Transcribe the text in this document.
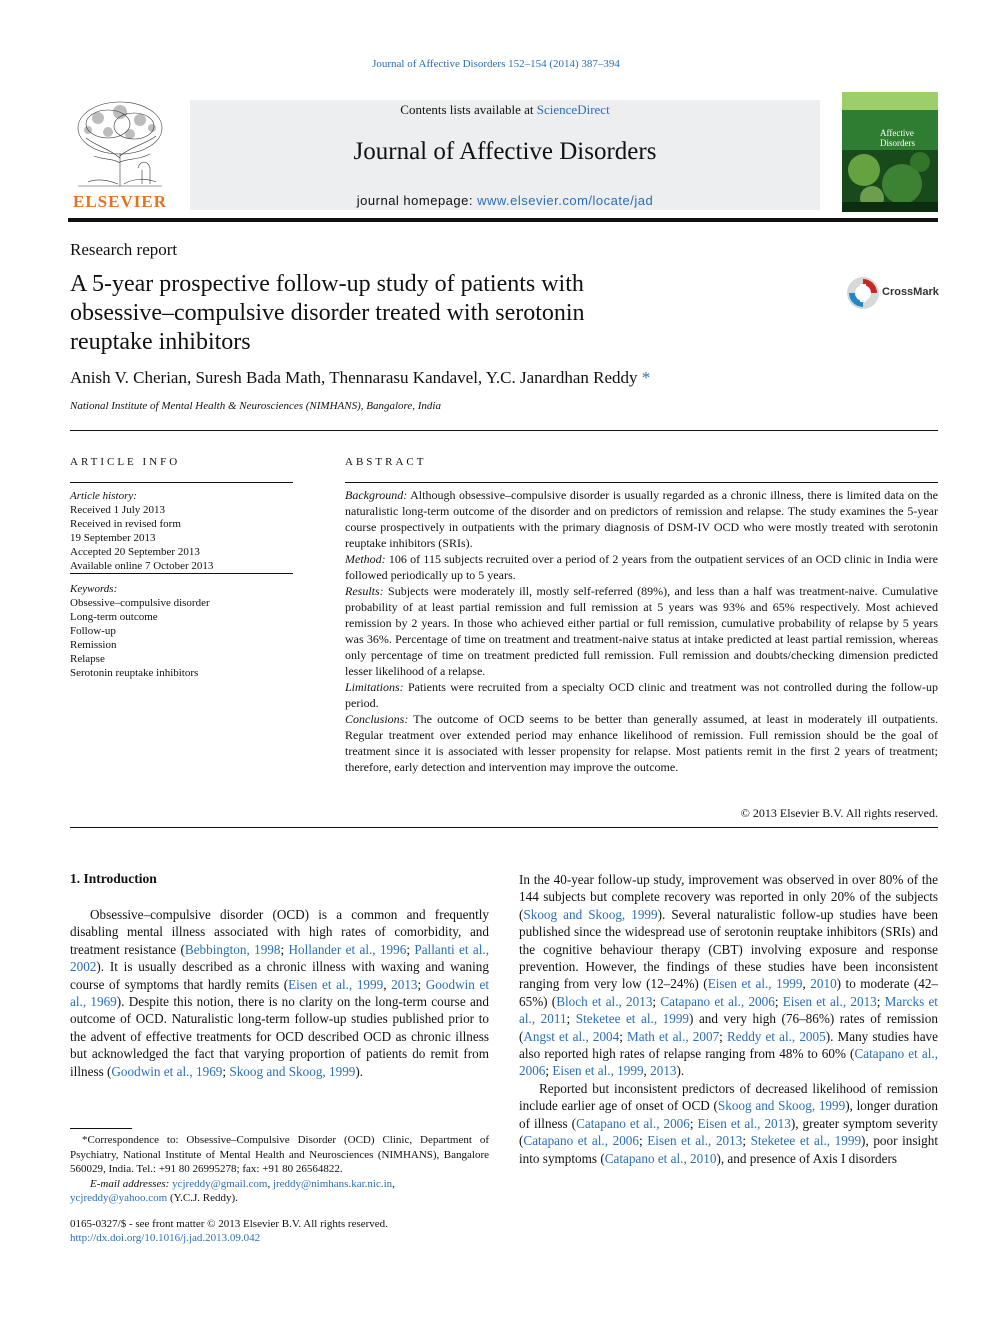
Journal of Affective Disorders 152–154 (2014) 387–394
ELSEVIER
Contents lists available at ScienceDirect
Journal of Affective Disorders
journal homepage: www.elsevier.com/locate/jad
Affective Disorders
Research report
A 5-year prospective follow-up study of patients with
obsessive–compulsive disorder treated with serotonin
reuptake inhibitors
CrossMark
Anish V. Cherian, Suresh Bada Math, Thennarasu Kandavel, Y.C. Janardhan Reddy *
National Institute of Mental Health & Neurosciences (NIMHANS), Bangalore, India
ARTICLE INFO	ABSTRACT
Article history:
Received 1 July 2013
Received in revised form
19 September 2013
Accepted 20 September 2013
Available online 7 October 2013
Keywords:
Obsessive–compulsive disorder
Long-term outcome
Follow-up
Remission
Relapse
Serotonin reuptake inhibitors

Background: Although obsessive–compulsive disorder is usually regarded as a chronic illness, there is limited data on the naturalistic long-term outcome of the disorder and on predictors of remission and relapse. The study examines the 5-year course prospectively in outpatients with the primary diagnosis of DSM-IV OCD who were mostly treated with serotonin reuptake inhibitors (SRIs).

Method: 106 of 115 subjects recruited over a period of 2 years from the outpatient services of an OCD clinic in India were followed periodically up to 5 years.

Results: Subjects were moderately ill, mostly self-referred (89%), and less than a half was treatment-naive. Cumulative probability of at least partial remission and full remission at 5 years was 93% and 65% respectively. Most achieved remission by 2 years. In those who achieved either partial or full remission, cumulative probability of relapse by 5 years was 36%. Percentage of time on treatment and treatment-naive status at intake predicted at least partial remission, whereas only percentage of time on treatment predicted full remission. Full remission and doubts/checking dimension predicted lesser likelihood of a relapse.

Limitations: Patients were recruited from a specialty OCD clinic and treatment was not controlled during the follow-up period.

Conclusions: The outcome of OCD seems to be better than generally assumed, at least in moderately ill outpatients. Regular treatment over extended period may enhance likelihood of remission. Full remission should be the goal of treatment since it is associated with lesser propensity for relapse. Most patients remit in the first 2 years of treatment; therefore, early detection and intervention may improve the outcome.

© 2013 Elsevier B.V. All rights reserved.
1. Introduction

Obsessive–compulsive disorder (OCD) is a common and frequently disabling mental illness associated with high rates of comorbidity, and treatment resistance (Bebbington, 1998; Hollander et al., 1996; Pallanti et al., 2002). It is usually described as a chronic illness with waxing and waning course of symptoms that hardly remits (Eisen et al., 1999, 2013; Goodwin et al., 1969). Despite this notion, there is no clarity on the long-term course and outcome of OCD. Naturalistic long-term follow-up studies published prior to the advent of effective treatments for OCD described OCD as chronic illness but acknowledged the fact that varying proportion of patients do remit from illness (Goodwin et al., 1969; Skoog and Skoog, 1999).

In the 40-year follow-up study, improvement was observed in over 80% of the 144 subjects but complete recovery was reported in only 20% of the subjects (Skoog and Skoog, 1999). Several naturalistic follow-up studies have been published since the widespread use of serotonin reuptake inhibitors (SRIs) and the cognitive behaviour therapy (CBT) involving exposure and response prevention. However, the findings of these studies have been inconsistent ranging from very low (12–24%) (Eisen et al., 1999, 2010) to moderate (42–65%) (Bloch et al., 2013; Catapano et al., 2006; Eisen et al., 2013; Marcks et al., 2011; Steketee et al., 1999) and very high (76–86%) rates of remission (Angst et al., 2004; Math et al., 2007; Reddy et al., 2005). Many studies have also reported high rates of relapse ranging from 48% to 60% (Catapano et al., 2006; Eisen et al., 1999, 2013).

Reported but inconsistent predictors of decreased likelihood of remission include earlier age of onset of OCD (Skoog and Skoog, 1999), longer duration of illness (Catapano et al., 2006; Eisen et al., 2013), greater symptom severity (Catapano et al., 2006; Eisen et al., 2013; Steketee et al., 1999), poor insight into symptoms (Catapano et al., 2010), and presence of Axis I disorders

*Correspondence to: Obsessive–Compulsive Disorder (OCD) Clinic, Department of Psychiatry, National Institute of Mental Health and Neurosciences (NIMHANS), Bangalore 560029, India. Tel.: +91 80 26995278; fax: +91 80 26564822.

E-mail addresses: ycjreddy@gmail.com, jreddy@nimhans.kar.nic.in,

ycjreddy@yahoo.com (Y.C.J. Reddy).

0165-0327/$ - see front matter © 2013 Elsevier B.V. All rights reserved.
http://dx.doi.org/10.1016/j.jad.2013.09.042
